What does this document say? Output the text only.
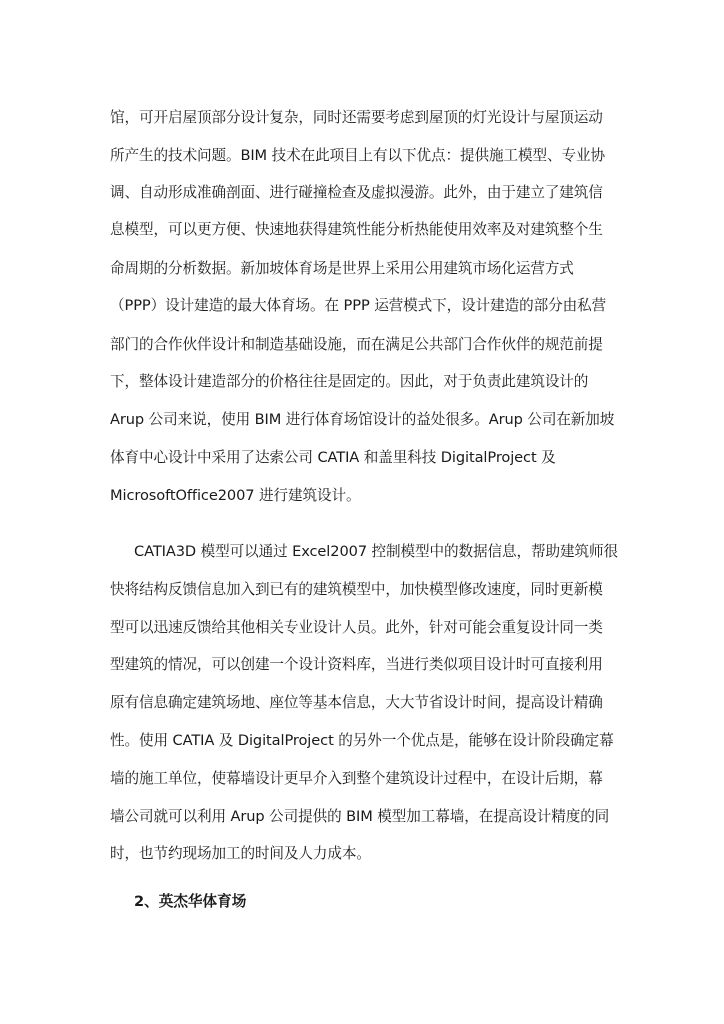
馆，可开启屋顶部分设计复杂，同时还需要考虑到屋顶的灯光设计与屋顶运动
所产生的技术问题。BIM 技术在此项目上有以下优点：提供施工模型、专业协
调、自动形成准确剖面、进行碰撞检查及虚拟漫游。此外，由于建立了建筑信
息模型，可以更方便、快速地获得建筑性能分析热能使用效率及对建筑整个生
命周期的分析数据。新加坡体育场是世界上采用公用建筑市场化运营方式
（PPP）设计建造的最大体育场。在 PPP 运营模式下，设计建造的部分由私营
部门的合作伙伴设计和制造基础设施，而在满足公共部门合作伙伴的规范前提
下，整体设计建造部分的价格往往是固定的。因此，对于负责此建筑设计的
Arup 公司来说，使用 BIM 进行体育场馆设计的益处很多。Arup 公司在新加坡
体育中心设计中采用了达索公司 CATIA 和盖里科技 DigitalProject 及
MicrosoftOffice2007 进行建筑设计。
CATIA3D 模型可以通过 Excel2007 控制模型中的数据信息，帮助建筑师很
快将结构反馈信息加入到已有的建筑模型中，加快模型修改速度，同时更新模
型可以迅速反馈给其他相关专业设计人员。此外，针对可能会重复设计同一类
型建筑的情况，可以创建一个设计资料库，当进行类似项目设计时可直接利用
原有信息确定建筑场地、座位等基本信息，大大节省设计时间，提高设计精确
性。使用 CATIA 及 DigitalProject 的另外一个优点是，能够在设计阶段确定幕
墙的施工单位，使幕墙设计更早介入到整个建筑设计过程中，在设计后期，幕
墙公司就可以利用 Arup 公司提供的 BIM 模型加工幕墙，在提高设计精度的同
时，也节约现场加工的时间及人力成本。
2、英杰华体育场
